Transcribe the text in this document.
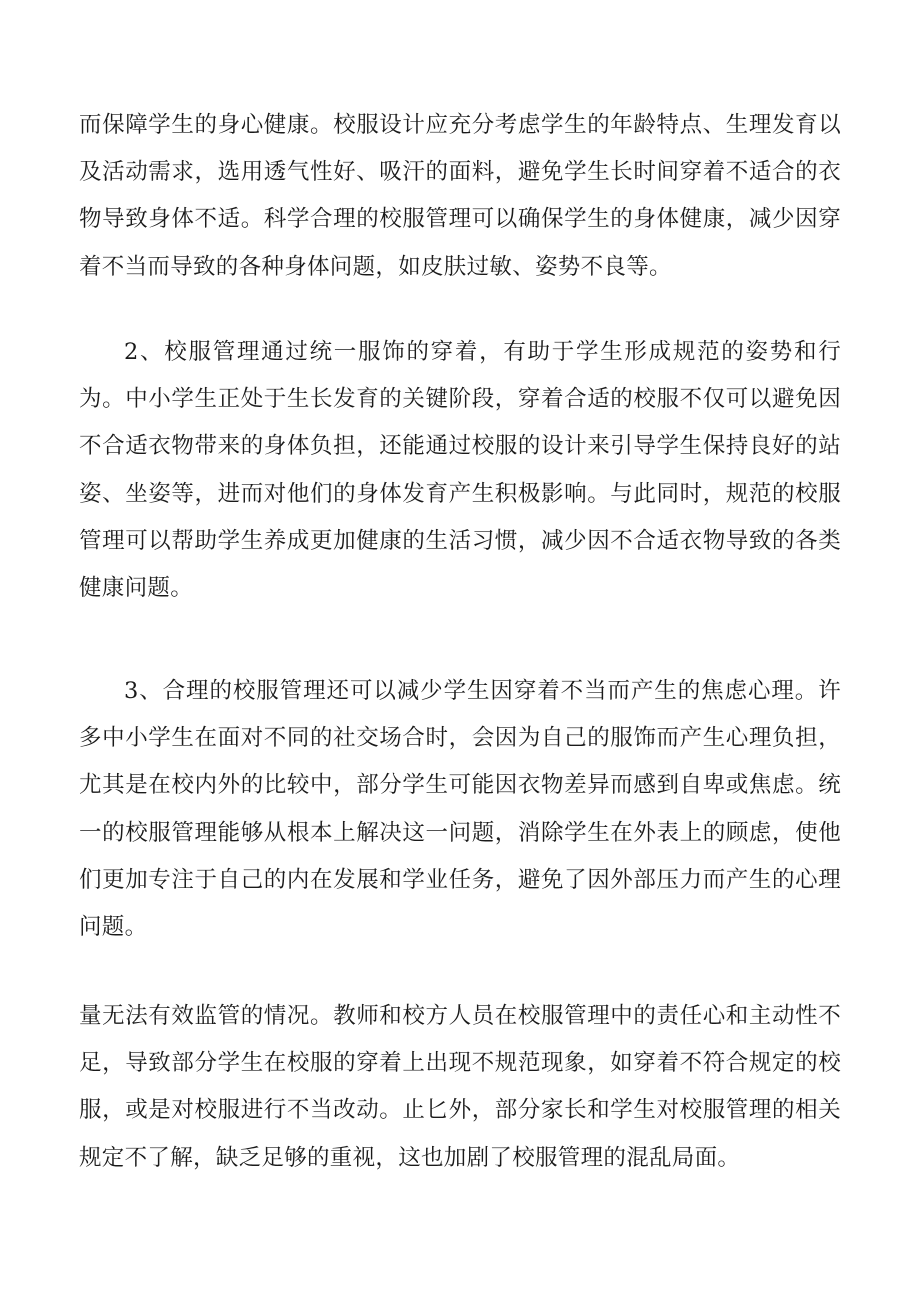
而保障学生的身心健康。校服设计应充分考虑学生的年龄特点、生理发育以及活动需求，选用透气性好、吸汗的面料，避免学生长时间穿着不适合的衣物导致身体不适。科学合理的校服管理可以确保学生的身体健康，减少因穿着不当而导致的各种身体问题，如皮肤过敏、姿势不良等。

2、校服管理通过统一服饰的穿着，有助于学生形成规范的姿势和行为。中小学生正处于生长发育的关键阶段，穿着合适的校服不仅可以避免因不合适衣物带来的身体负担，还能通过校服的设计来引导学生保持良好的站姿、坐姿等，进而对他们的身体发育产生积极影响。与此同时，规范的校服管理可以帮助学生养成更加健康的生活习惯，减少因不合适衣物导致的各类健康问题。

3、合理的校服管理还可以减少学生因穿着不当而产生的焦虑心理。许多中小学生在面对不同的社交场合时，会因为自己的服饰而产生心理负担，尤其是在校内外的比较中，部分学生可能因衣物差异而感到自卑或焦虑。统一的校服管理能够从根本上解决这一问题，消除学生在外表上的顾虑，使他们更加专注于自己的内在发展和学业任务，避免了因外部压力而产生的心理问题。

量无法有效监管的情况。教师和校方人员在校服管理中的责任心和主动性不足，导致部分学生在校服的穿着上出现不规范现象，如穿着不符合规定的校服，或是对校服进行不当改动。止匕外，部分家长和学生对校服管理的相关规定不了解，缺乏足够的重视，这也加剧了校服管理的混乱局面。
